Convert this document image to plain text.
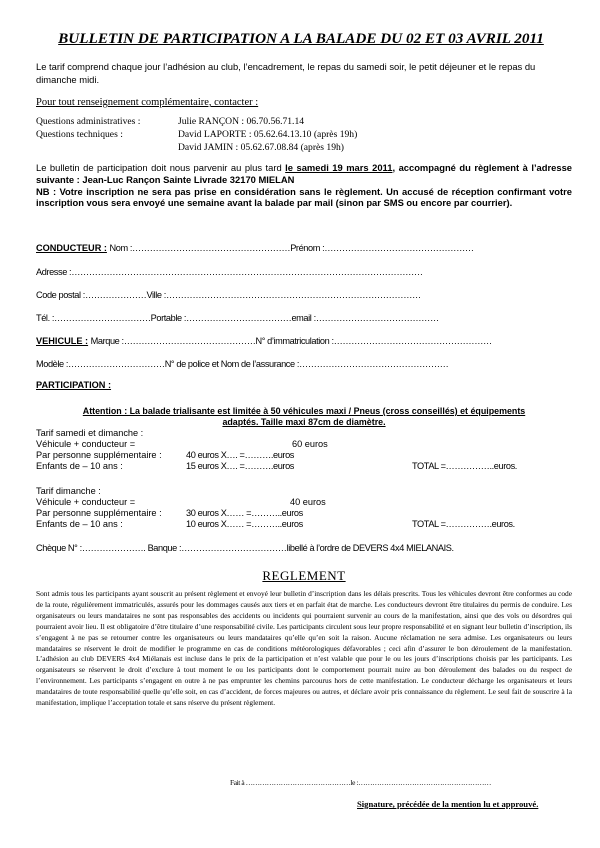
BULLETIN DE PARTICIPATION A LA BALADE DU 02 ET 03 AVRIL 2011
Le tarif comprend chaque jour l’adhésion au club, l’encadrement, le repas du samedi soir, le petit déjeuner et le repas du dimanche midi.
Pour tout renseignement complémentaire, contacter :
Questions administratives :	Julie RANÇON : 06.70.56.71.14
Questions techniques :	David LAPORTE : 05.62.64.13.10 (après 19h)
David JAMIN : 05.62.67.08.84 (après 19h)
Le bulletin de participation doit nous parvenir au plus tard le samedi 19 mars 2011, accompagné du règlement à l’adresse suivante : Jean-Luc Rançon Sainte Livrade 32170 MIELAN
NB : Votre inscription ne sera pas prise en considération sans le règlement. Un accusé de réception confirmant votre inscription vous sera envoyé une semaine avant la balade par mail (sinon par SMS ou encore par courrier).
CONDUCTEUR : Nom :………………………………………………Prénom :……………………………………………
Adresse :…………………………………………………………………………………………………………
Code postal :…………………Ville :……………………………………………………………………………
Tél. :……………………………Portable :………………………………email :……………………………………
VEHICULE : Marque :………………………………………N° d’immatriculation :………………………………………………
Modèle :……………………………N° de police et Nom de l’assurance :……………………………………………
PARTICIPATION :
Attention : La balade trialisante est limitée à 50 véhicules maxi / Pneus (cross conseillés) et équipements
adaptés. Taille maxi 87cm de diamètre.
Tarif samedi et dimanche :
Véhicule + conducteur =	60 euros
Par personne supplémentaire :	40 euros X…. =……….euros
Enfants de – 10 ans :	15 euros X…. =……….euros	TOTAL =……………..euros.
Tarif dimanche :
Véhicule + conducteur =	40 euros
Par personne supplémentaire :	30 euros X…… =………..euros
Enfants de – 10 ans :	10 euros X…… =………..euros	TOTAL =…………….euros.
Chèque N° :…………………. Banque :………………………………libellé à l’ordre de DEVERS 4x4 MIELANAIS.
REGLEMENT
Sont admis tous les participants ayant souscrit au présent règlement et envoyé leur bulletin d’inscription dans les délais prescrits. Tous les véhicules devront être conformes au code de la route, régulièrement immatriculés, assurés pour les dommages causés aux tiers et en parfait état de marche. Les conducteurs devront être titulaires du permis de conduire. Les organisateurs ou leurs mandataires ne sont pas responsables des accidents ou incidents qui pourraient survenir au cours de la manifestation, ainsi que des vols ou désordres qui pourraient avoir lieu. Il est obligatoire d’être titulaire d’une responsabilité civile. Les participants circulent sous leur propre responsabilité et en signant leur bulletin d’inscription, ils s’engagent à ne pas se retourner contre les organisateurs ou leurs mandataires qu’elle qu’en soit la raison. Aucune réclamation ne sera admise. Les organisateurs ou leurs mandataires se réservent le droit de modifier le programme en cas de conditions météorologiques défavorables ; ceci afin d’assurer le bon déroulement de la manifestation. L’adhésion au club DEVERS 4x4 Miélanais est incluse dans le prix de la participation et n’est valable que pour le ou les jours d’inscriptions choisis par les participants. Les organisateurs se réservent le droit d’exclure à tout moment le ou les participants dont le comportement pourrait nuire au bon déroulement des balades ou du respect de l’environnement. Les participants s’engagent en outre à ne pas emprunter les chemins parcourus hors de cette manifestation. Le conducteur décharge les organisateurs et leurs mandataires de toute responsabilité quelle qu’elle soit, en cas d’accident, de forces majeures ou autres, et déclare avoir pris connaissance du règlement. Le seul fait de souscrire à la manifestation, implique l’acceptation totale et sans réserve du présent règlement.
Fait à ………………………………………le :…………………………………………………
Signature, précédée de la mention lu et approuvé.
